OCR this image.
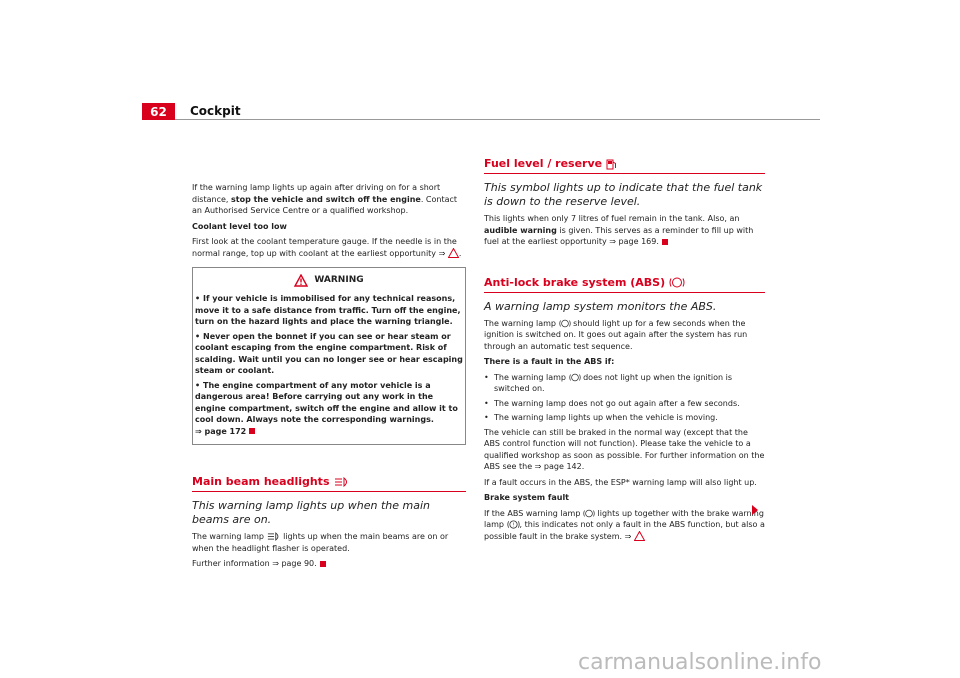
62	Cockpit

If the warning lamp lights up again after driving on for a short distance, stop the vehicle and switch off the engine. Contact an Authorised Service Centre or a qualified workshop.

Coolant level too low

First look at the coolant temperature gauge. If the needle is in the normal range, top up with coolant at the earliest opportunity ⇒ .

WARNING
• If your vehicle is immobilised for any technical reasons, move it to a safe distance from traffic. Turn off the engine, turn on the hazard lights and place the warning triangle.
• Never open the bonnet if you can see or hear steam or coolant escaping from the engine compartment. Risk of scalding. Wait until you can no longer see or hear escaping steam or coolant.
• The engine compartment of any motor vehicle is a dangerous area! Before carrying out any work in the engine compartment, switch off the engine and allow it to cool down. Always note the corresponding warnings.
⇒ page 172
Main beam headlights
This warning lamp lights up when the main beams are on.

The warning lamp lights up when the main beams are on or when the headlight flasher is operated.

Further information ⇒ page 90.

Fuel level / reserve
This symbol lights up to indicate that the fuel tank is down to the reserve level.

This lights when only 7 litres of fuel remain in the tank. Also, an audible warning is given. This serves as a reminder to fill up with fuel at the earliest opportunity ⇒ page 169.

Anti-lock brake system (ABS)
A warning lamp system monitors the ABS.

The warning lamp should light up for a few seconds when the ignition is switched on. It goes out again after the system has run through an automatic test sequence.

There is a fault in the ABS if:

• The warning lamp does not light up when the ignition is switched on.
• The warning lamp does not go out again after a few seconds.
• The warning lamp lights up when the vehicle is moving.

The vehicle can still be braked in the normal way (except that the ABS control function will not function). Please take the vehicle to a qualified workshop as soon as possible. For further information on the ABS see the ⇒ page 142.

If a fault occurs in the ABS, the ESP* warning lamp will also light up.

Brake system fault

If the ABS warning lamp lights up together with the brake warning lamp ! , this indicates not only a fault in the ABS function, but also a possible fault in the brake system. ⇒

carmanualsonline.info
